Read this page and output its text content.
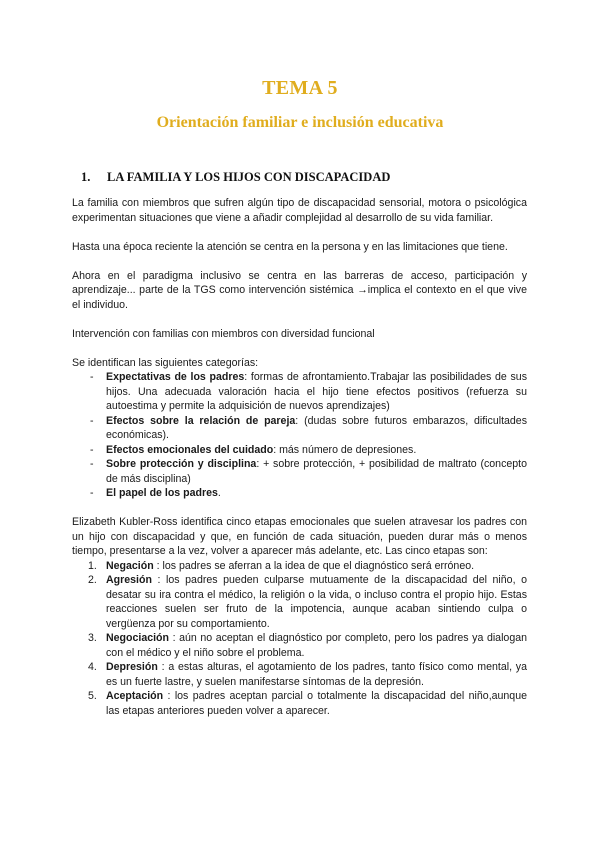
TEMA 5
Orientación familiar e inclusión educativa
1. LA FAMILIA Y LOS HIJOS CON DISCAPACIDAD

La familia con miembros que sufren algún tipo de discapacidad sensorial, motora o psicológica experimentan situaciones que viene a añadir complejidad al desarrollo de su vida familiar.

Hasta una época reciente la atención se centra en la persona y en las limitaciones que tiene.

Ahora en el paradigma inclusivo se centra en las barreras de acceso, participación y aprendizaje... parte de la TGS como intervención sistémica →implica el contexto en el que vive el individuo.

Intervención con familias con miembros con diversidad funcional

Se identifican las siguientes categorías:

- Expectativas de los padres: formas de afrontamiento.Trabajar las posibilidades de sus hijos. Una adecuada valoración hacia el hijo tiene efectos positivos (refuerza su autoestima y permite la adquisición de nuevos aprendizajes)
- Efectos sobre la relación de pareja: (dudas sobre futuros embarazos, dificultades económicas).
- Efectos emocionales del cuidado: más número de depresiones.
- Sobre protección y disciplina: + sobre protección, + posibilidad de maltrato (concepto de más disciplina)
- El papel de los padres.

Elizabeth Kubler-Ross identifica cinco etapas emocionales que suelen atravesar los padres con un hijo con discapacidad y que, en función de cada situación, pueden durar más o menos tiempo, presentarse a la vez, volver a aparecer más adelante, etc. Las cinco etapas son:

1. Negación : los padres se aferran a la idea de que el diagnóstico será erróneo.
2. Agresión : los padres pueden culparse mutuamente de la discapacidad del niño, o desatar su ira contra el médico, la religión o la vida, o incluso contra el propio hijo. Estas reacciones suelen ser fruto de la impotencia, aunque acaban sintiendo culpa o vergüenza por su comportamiento.
3. Negociación : aún no aceptan el diagnóstico por completo, pero los padres ya dialogan con el médico y el niño sobre el problema.
4. Depresión : a estas alturas, el agotamiento de los padres, tanto físico como mental, ya es un fuerte lastre, y suelen manifestarse síntomas de la depresión.
5. Aceptación : los padres aceptan parcial o totalmente la discapacidad del niño,aunque las etapas anteriores pueden volver a aparecer.
